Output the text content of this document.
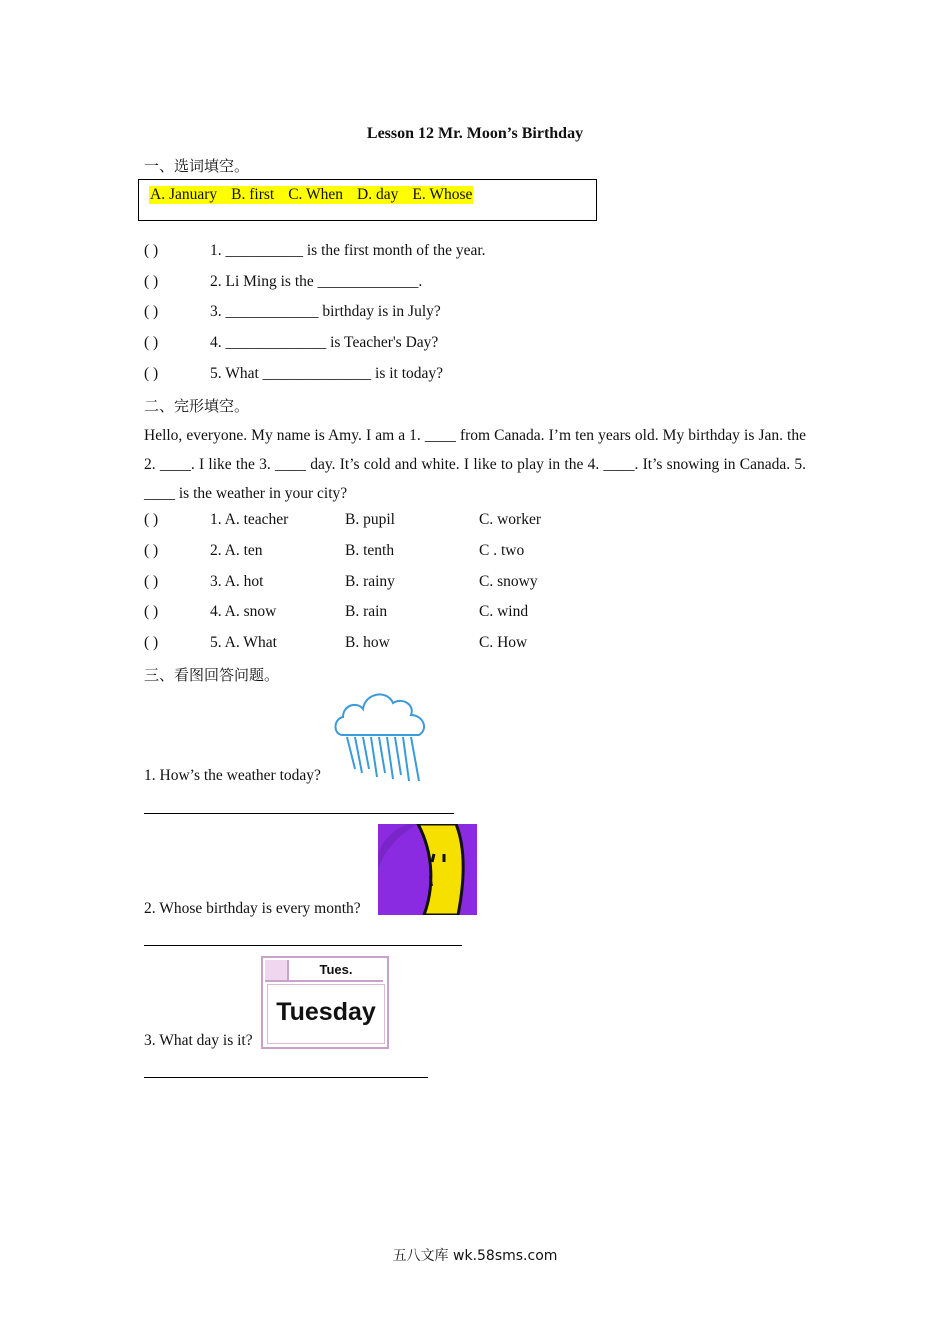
Lesson 12 Mr. Moon’s Birthday
一、选词填空。
A. January B. first C. When D. day E. Whose
( )	1. __________ is the first month of the year.
( )	2. Li Ming is the _____________.
( )	3. ____________ birthday is in July?
( )	4. _____________ is Teacher's Day?
( )	5. What ______________ is it today?
二、完形填空。
Hello, everyone. My name is Amy. I am a 1. ____ from Canada. I’m ten years old. My birthday is Jan. the 2. ____. I like the 3. ____ day. It’s cold and white. I like to play in the 4. ____. It’s snowing in Canada. 5. ____ is the weather in your city?
( )	1. A. teacher	B. pupil	C. worker
( )	2. A. ten	B. tenth	C . two
( )	3. A. hot	B. rainy	C. snowy
( )	4. A. snow	B. rain	C. wind
( )	5. A. What	B. how	C. How
三、看图回答问题。
1. How’s the weather today?
2. Whose birthday is every month?
Tues.
Tuesday
3. What day is it?
五八文库 wk.58sms.com
